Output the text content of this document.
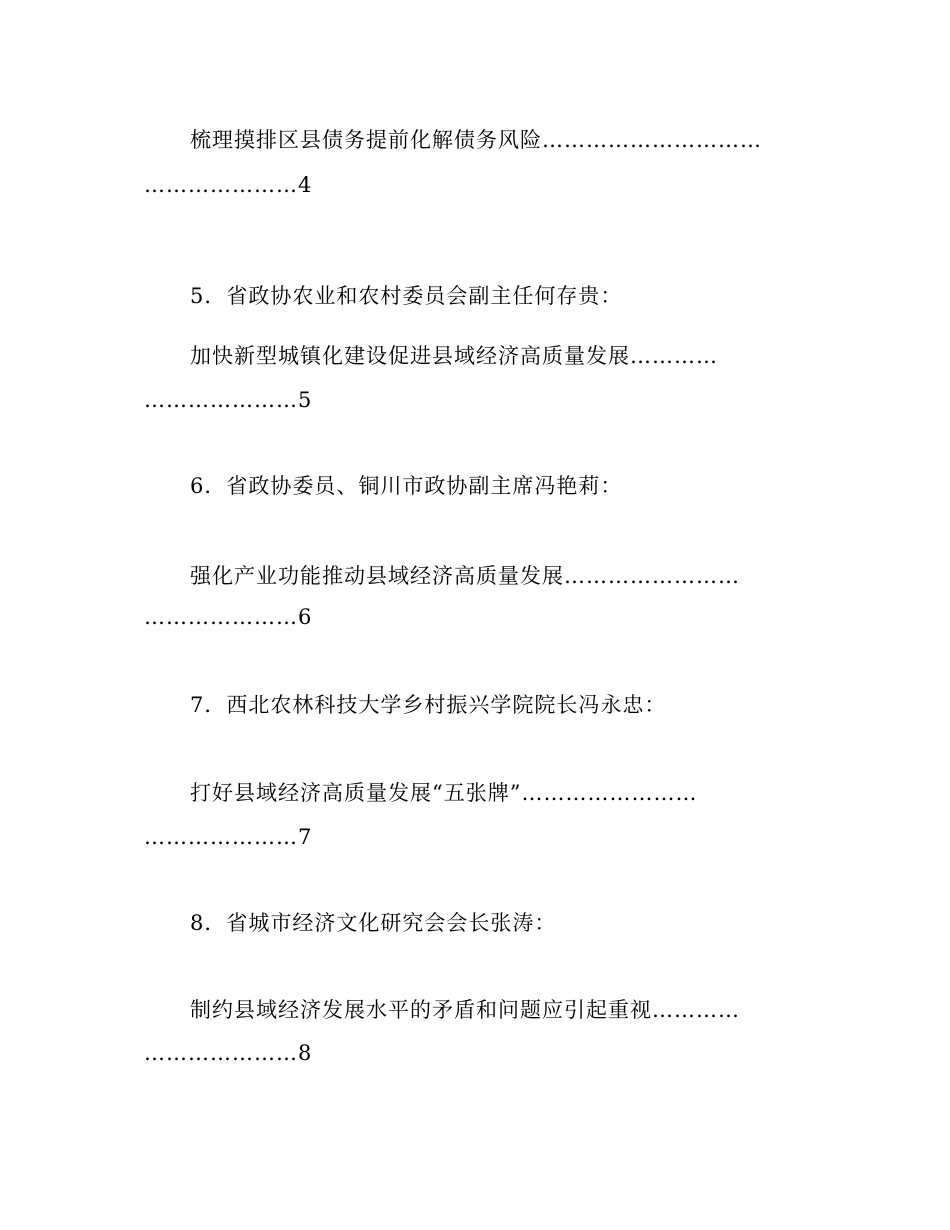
梳理摸排区县债务提前化解债务风险…………………………
…………………4
5．省政协农业和农村委员会副主任何存贵：
加快新型城镇化建设促进县域经济高质量发展…………
…………………5
6．省政协委员、铜川市政协副主席冯艳莉：
强化产业功能推动县域经济高质量发展……………………
…………………6
7．西北农林科技大学乡村振兴学院院长冯永忠：
打好县域经济高质量发展“五张牌”……………………
…………………7
8．省城市经济文化研究会会长张涛：
制约县域经济发展水平的矛盾和问题应引起重视…………
…………………8
